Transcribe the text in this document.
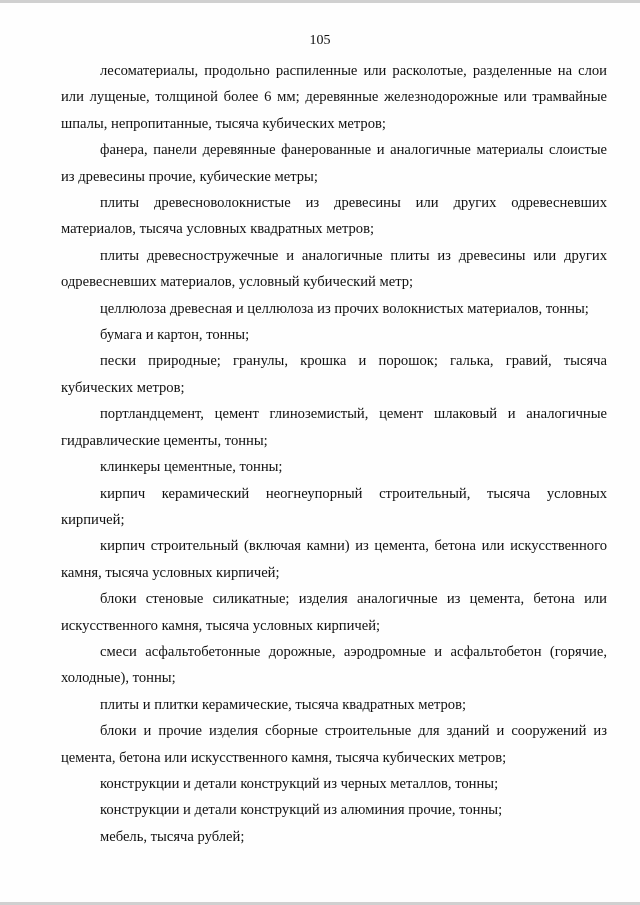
105

лесоматериалы, продольно распиленные или расколотые, разделенные на слои или лущеные, толщиной более 6 мм; деревянные железнодорожные или трамвайные шпалы, непропитанные, тысяча кубических метров;

фанера, панели деревянные фанерованные и аналогичные материалы слоистые из древесины прочие, кубические метры;

плиты древесноволокнистые из древесины или других одревесневших материалов, тысяча условных квадратных метров;

плиты древесностружечные и аналогичные плиты из древесины или других одревесневших материалов, условный кубический метр;

целлюлоза древесная и целлюлоза из прочих волокнистых материалов, тонны;

бумага и картон, тонны;

пески природные; гранулы, крошка и порошок; галька, гравий, тысяча кубических метров;

портландцемент, цемент глиноземистый, цемент шлаковый и аналогичные гидравлические цементы, тонны;

клинкеры цементные, тонны;

кирпич керамический неогнеупорный строительный, тысяча условных кирпичей;

кирпич строительный (включая камни) из цемента, бетона или искусственного камня, тысяча условных кирпичей;

блоки стеновые силикатные; изделия аналогичные из цемента, бетона или искусственного камня, тысяча условных кирпичей;

смеси асфальтобетонные дорожные, аэродромные и асфальтобетон (горячие, холодные), тонны;

плиты и плитки керамические, тысяча квадратных метров;

блоки и прочие изделия сборные строительные для зданий и сооружений из цемента, бетона или искусственного камня, тысяча кубических метров;

конструкции и детали конструкций из черных металлов, тонны;

конструкции и детали конструкций из алюминия прочие, тонны;

мебель, тысяча рублей;
